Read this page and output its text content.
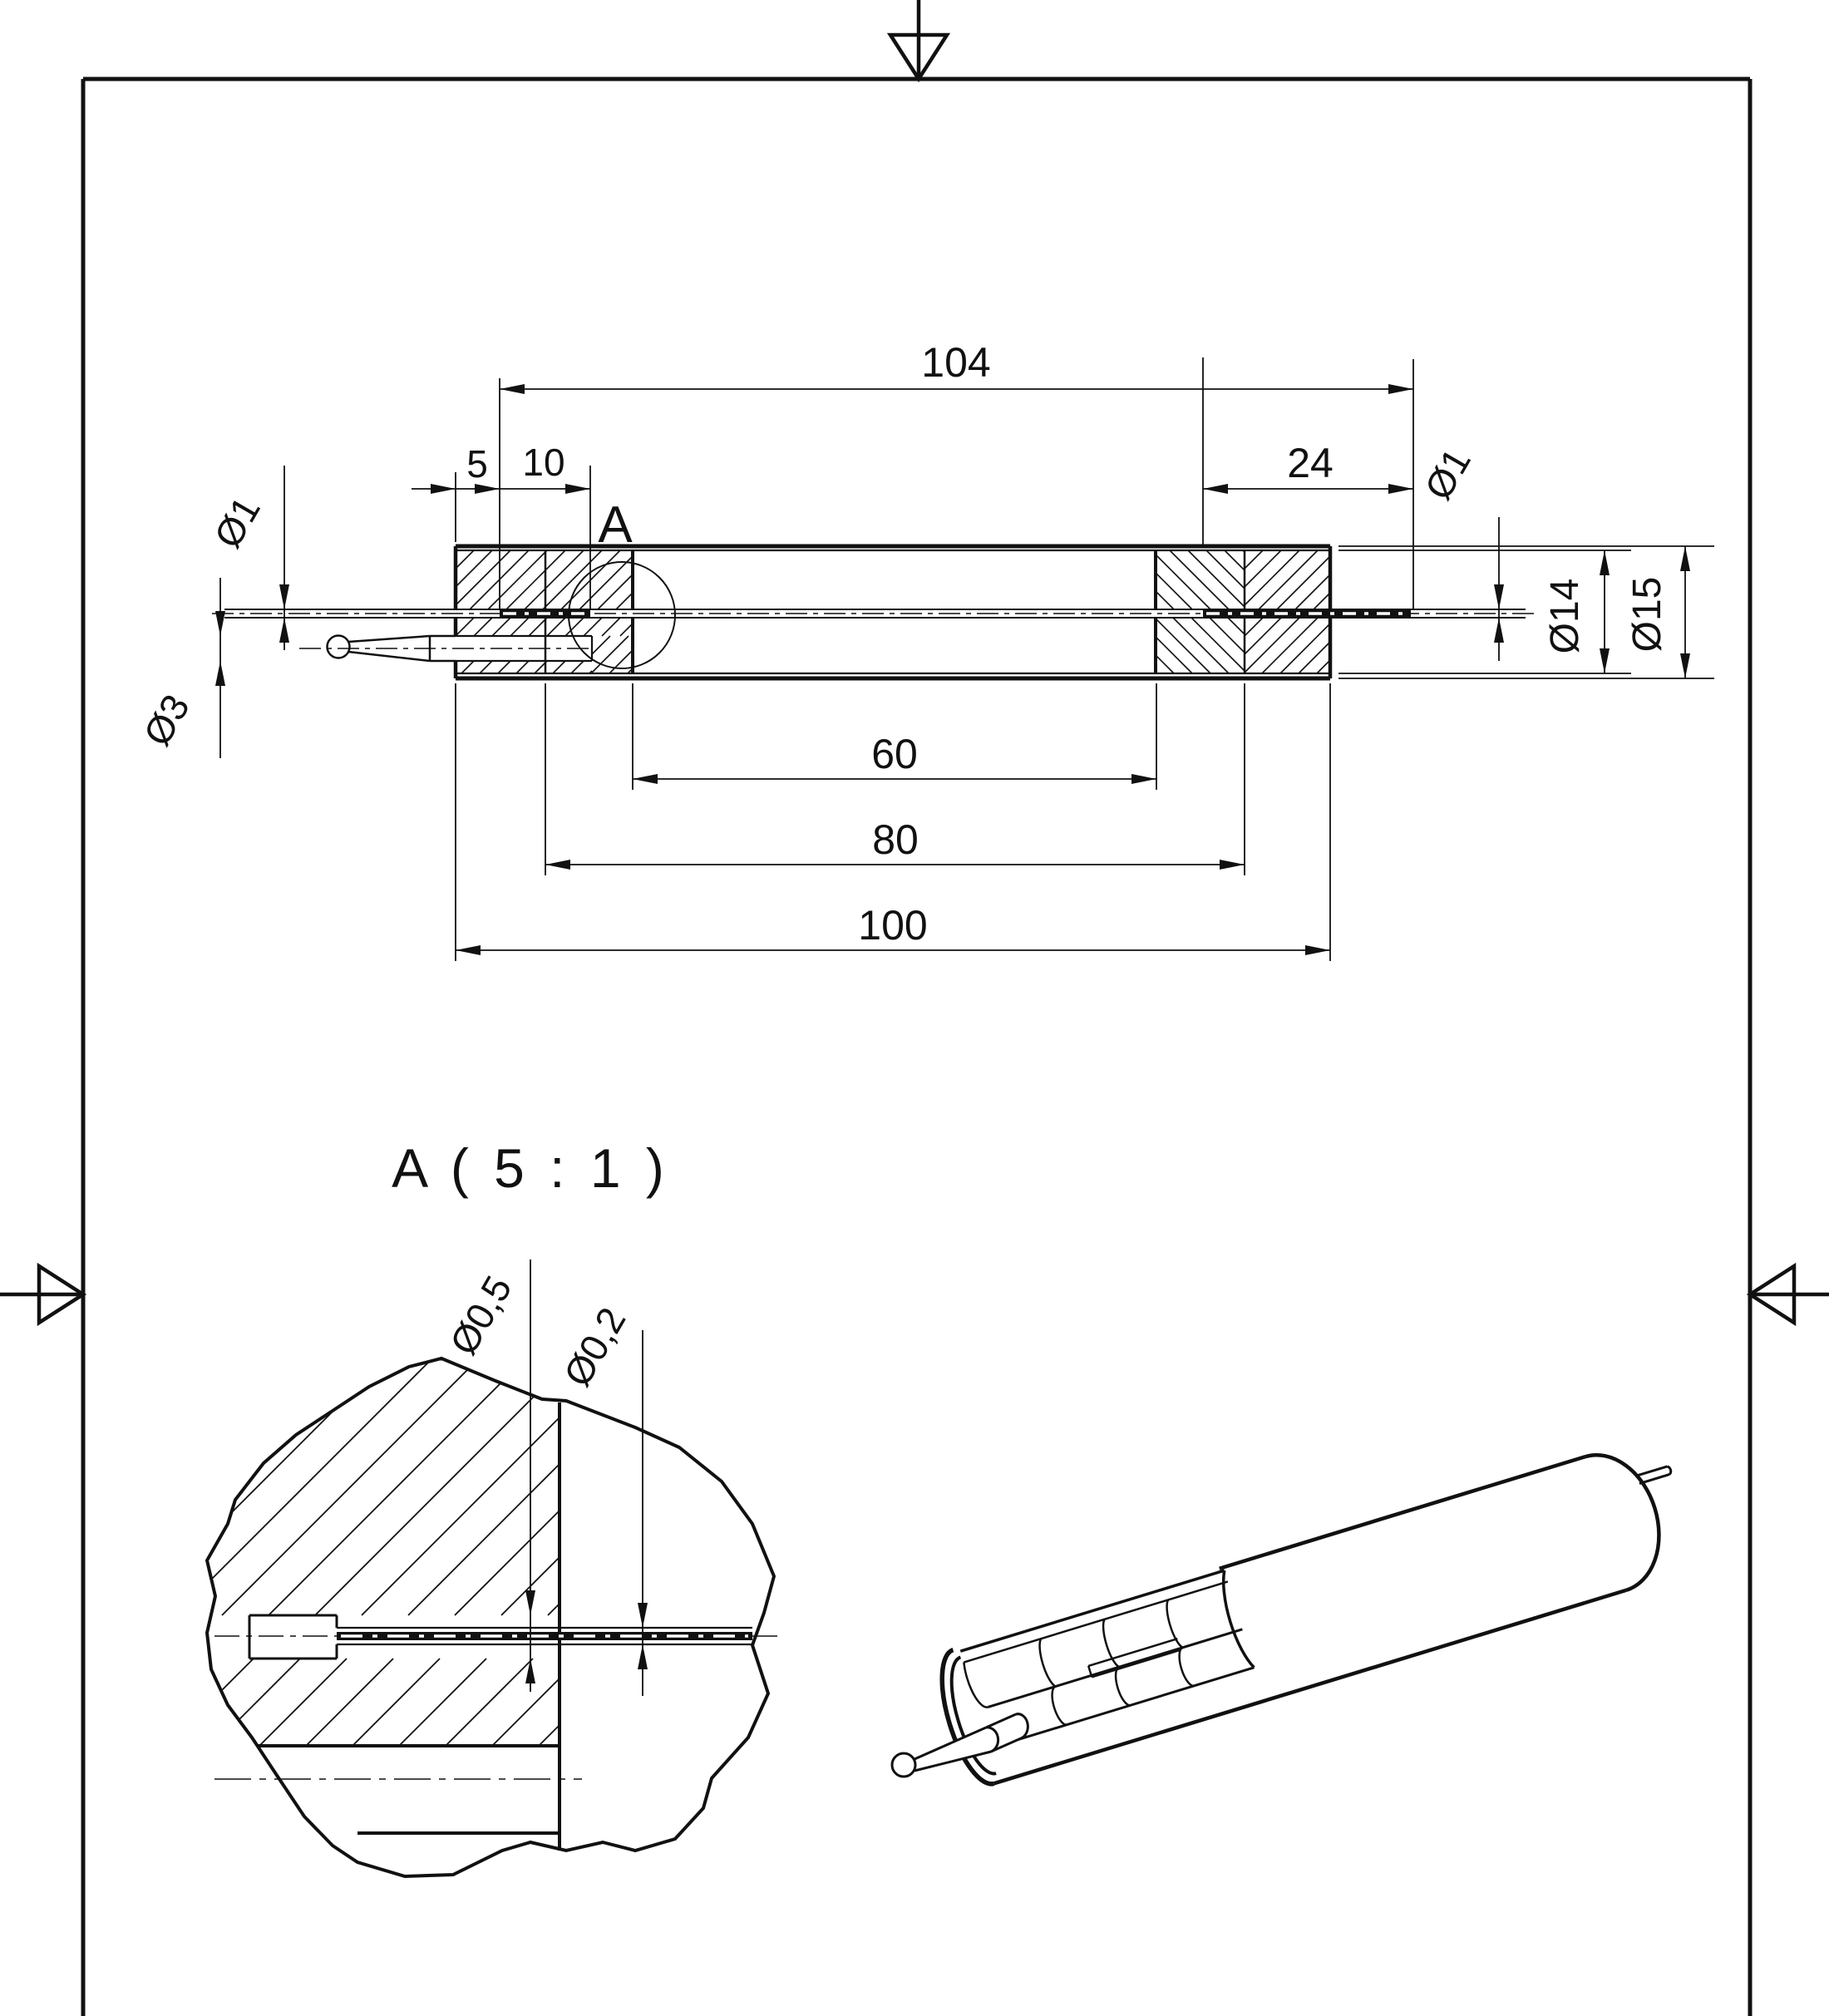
A
104
5 10	24
60
80
100
Ø1
Ø3
Ø1
Ø14 Ø15
A ( 5 : 1 )
Ø0,5 Ø0,2
